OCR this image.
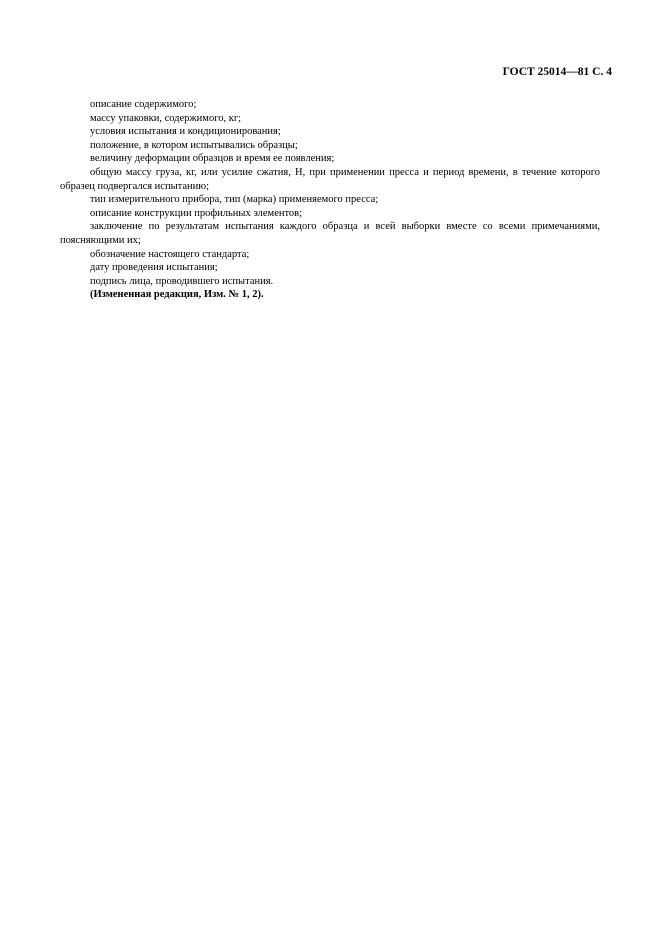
ГОСТ 25014—81 С. 4
описание содержимого;
массу упаковки, содержимого, кг;
условия испытания и кондиционирования;
положение, в котором испытывались образцы;
величину деформации образцов и время ее появления;
общую массу груза, кг, или усилие сжатия, Н, при применении пресса и период времени, в течение которого образец подвергался испытанию;
тип измерительного прибора, тип (марка) применяемого пресса;
описание конструкции профильных элементов;
заключение по результатам испытания каждого образца и всей выборки вместе со всеми примечаниями, поясняющими их;
обозначение настоящего стандарта;
дату проведения испытания;
подпись лица, проводившего испытания.
(Измененная редакция, Изм. № 1, 2).
